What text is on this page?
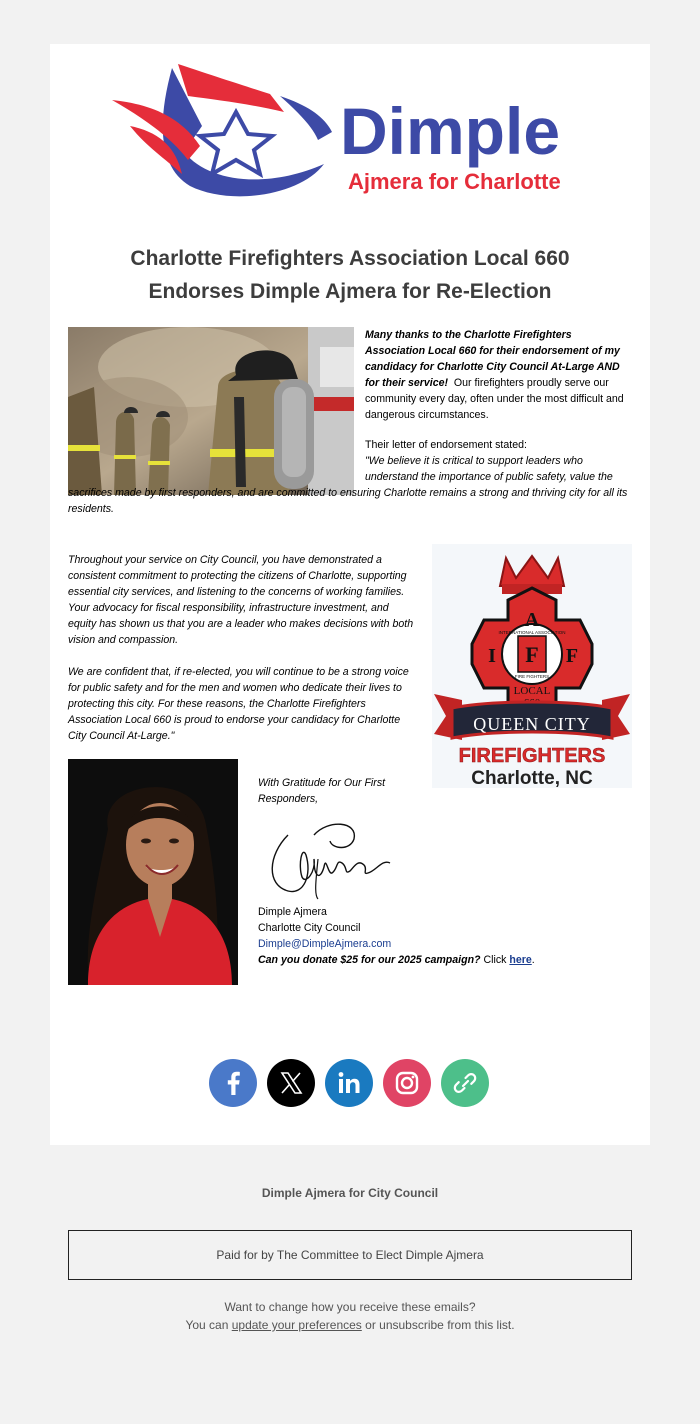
Dimple
Ajmera for Charlotte
Charlotte Firefighters Association Local 660
Endorses Dimple Ajmera for Re-Election

Many thanks to the Charlotte Firefighters Association Local 660 for their endorsement of my candidacy for Charlotte City Council At-Large AND for their service! Our firefighters proudly serve our community every day, often under the most difficult and dangerous circumstances.

Their letter of endorsement stated:

"We believe it is critical to support leaders who understand the importance of public safety, value the sacrifices made by first responders, and are committed to ensuring Charlotte remains a strong and thriving city for all its residents.

Throughout your service on City Council, you have demonstrated a consistent commitment to protecting the citizens of Charlotte, supporting essential city services, and listening to the concerns of working families. Your advocacy for fiscal responsibility, infrastructure investment, and equity has shown us that you are a leader who makes decisions with both vision and compassion.

We are confident that, if re-elected, you will continue to be a strong voice for public safety and for the men and women who dedicate their lives to protecting this city. For these reasons, the Charlotte Firefighters Association Local 660 is proud to endorse your candidacy for Charlotte City Council At-Large."

A
I F F
INTERNATIONAL ASSOCIATION
FIRE FIGHTERS
LOCAL
QUEEN CITY
FIREFIGHTERS
Charlotte, NC
With Gratitude for Our First Responders,
Dimple Ajmera
Charlotte City Council
Dimple@DimpleAjmera.com
Can you donate $25 for our 2025 campaign? Click here.
Dimple Ajmera for City Council
Paid for by The Committee to Elect Dimple Ajmera
Want to change how you receive these emails?
You can update your preferences or unsubscribe from this list.
